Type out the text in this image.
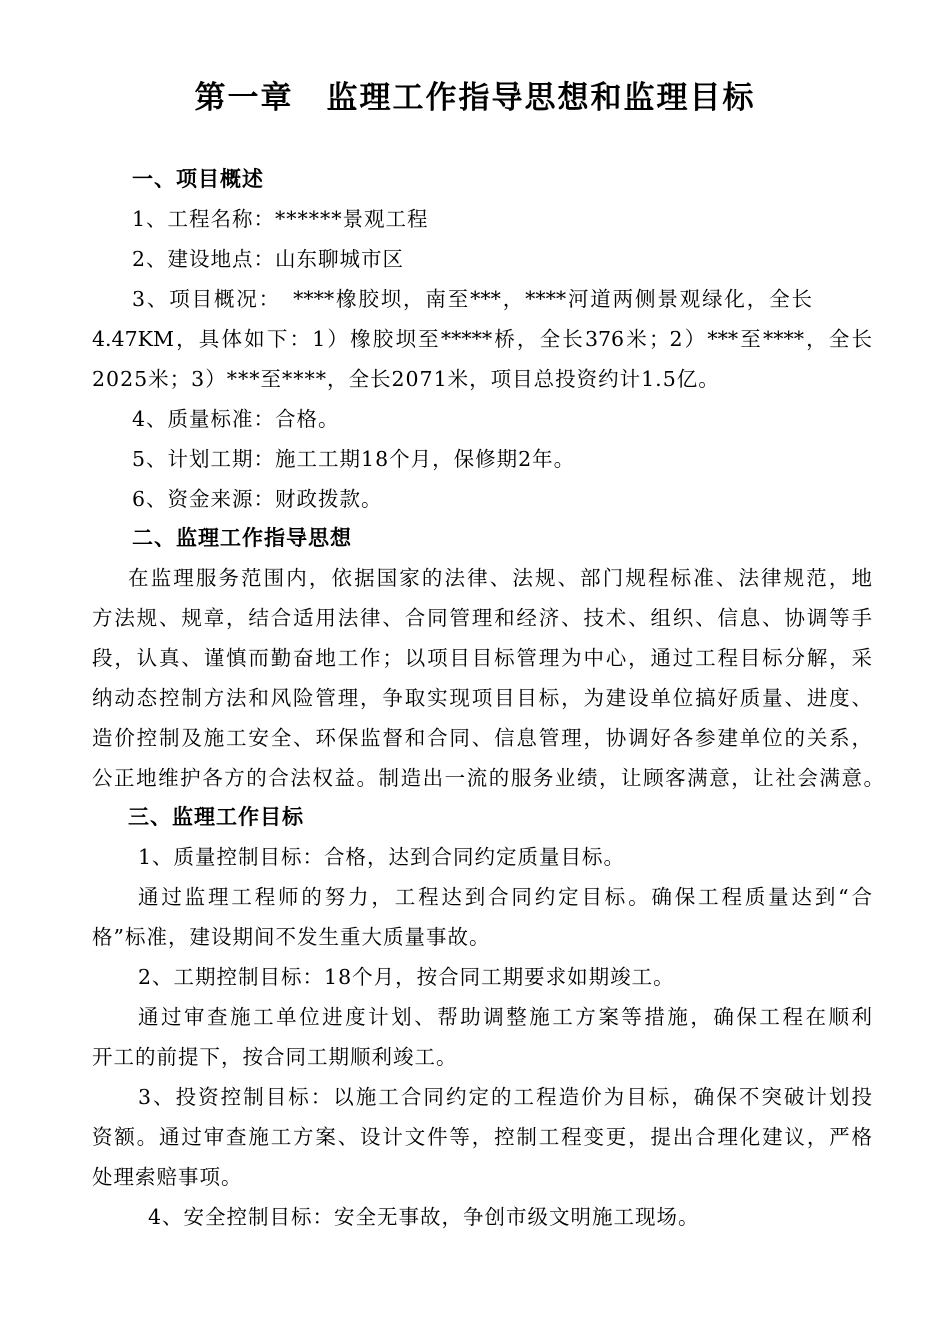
第一章　监理工作指导思想和监理目标
一、项目概述
1、工程名称：******景观工程
2、建设地点：山东聊城市区
3、项目概况：　****橡胶坝，南至***，****河道两侧景观绿化，全长
4.47KM，具体如下：1）橡胶坝至*****桥，全长376米；2）***至****，全长
2025米；3）***至****，全长2071米，项目总投资约计1.5亿。
4、质量标准：合格。
5、计划工期：施工工期18个月，保修期2年。
6、资金来源：财政拨款。
二、监理工作指导思想
在监理服务范围内，依据国家的法律、法规、部门规程标准、法律规范，地
方法规、规章，结合适用法律、合同管理和经济、技术、组织、信息、协调等手
段，认真、谨慎而勤奋地工作；以项目目标管理为中心，通过工程目标分解，采
纳动态控制方法和风险管理，争取实现项目目标，为建设单位搞好质量、进度、
造价控制及施工安全、环保监督和合同、信息管理，协调好各参建单位的关系，
公正地维护各方的合法权益。制造出一流的服务业绩，让顾客满意，让社会满意。
三、监理工作目标
1、质量控制目标：合格，达到合同约定质量目标。
通过监理工程师的努力，工程达到合同约定目标。确保工程质量达到“合
格”标准，建设期间不发生重大质量事故。
2、工期控制目标：18个月，按合同工期要求如期竣工。
通过审查施工单位进度计划、帮助调整施工方案等措施，确保工程在顺利
开工的前提下，按合同工期顺利竣工。
3、投资控制目标：以施工合同约定的工程造价为目标，确保不突破计划投
资额。通过审查施工方案、设计文件等，控制工程变更，提出合理化建议，严格
处理索赔事项。
4、安全控制目标：安全无事故，争创市级文明施工现场。
